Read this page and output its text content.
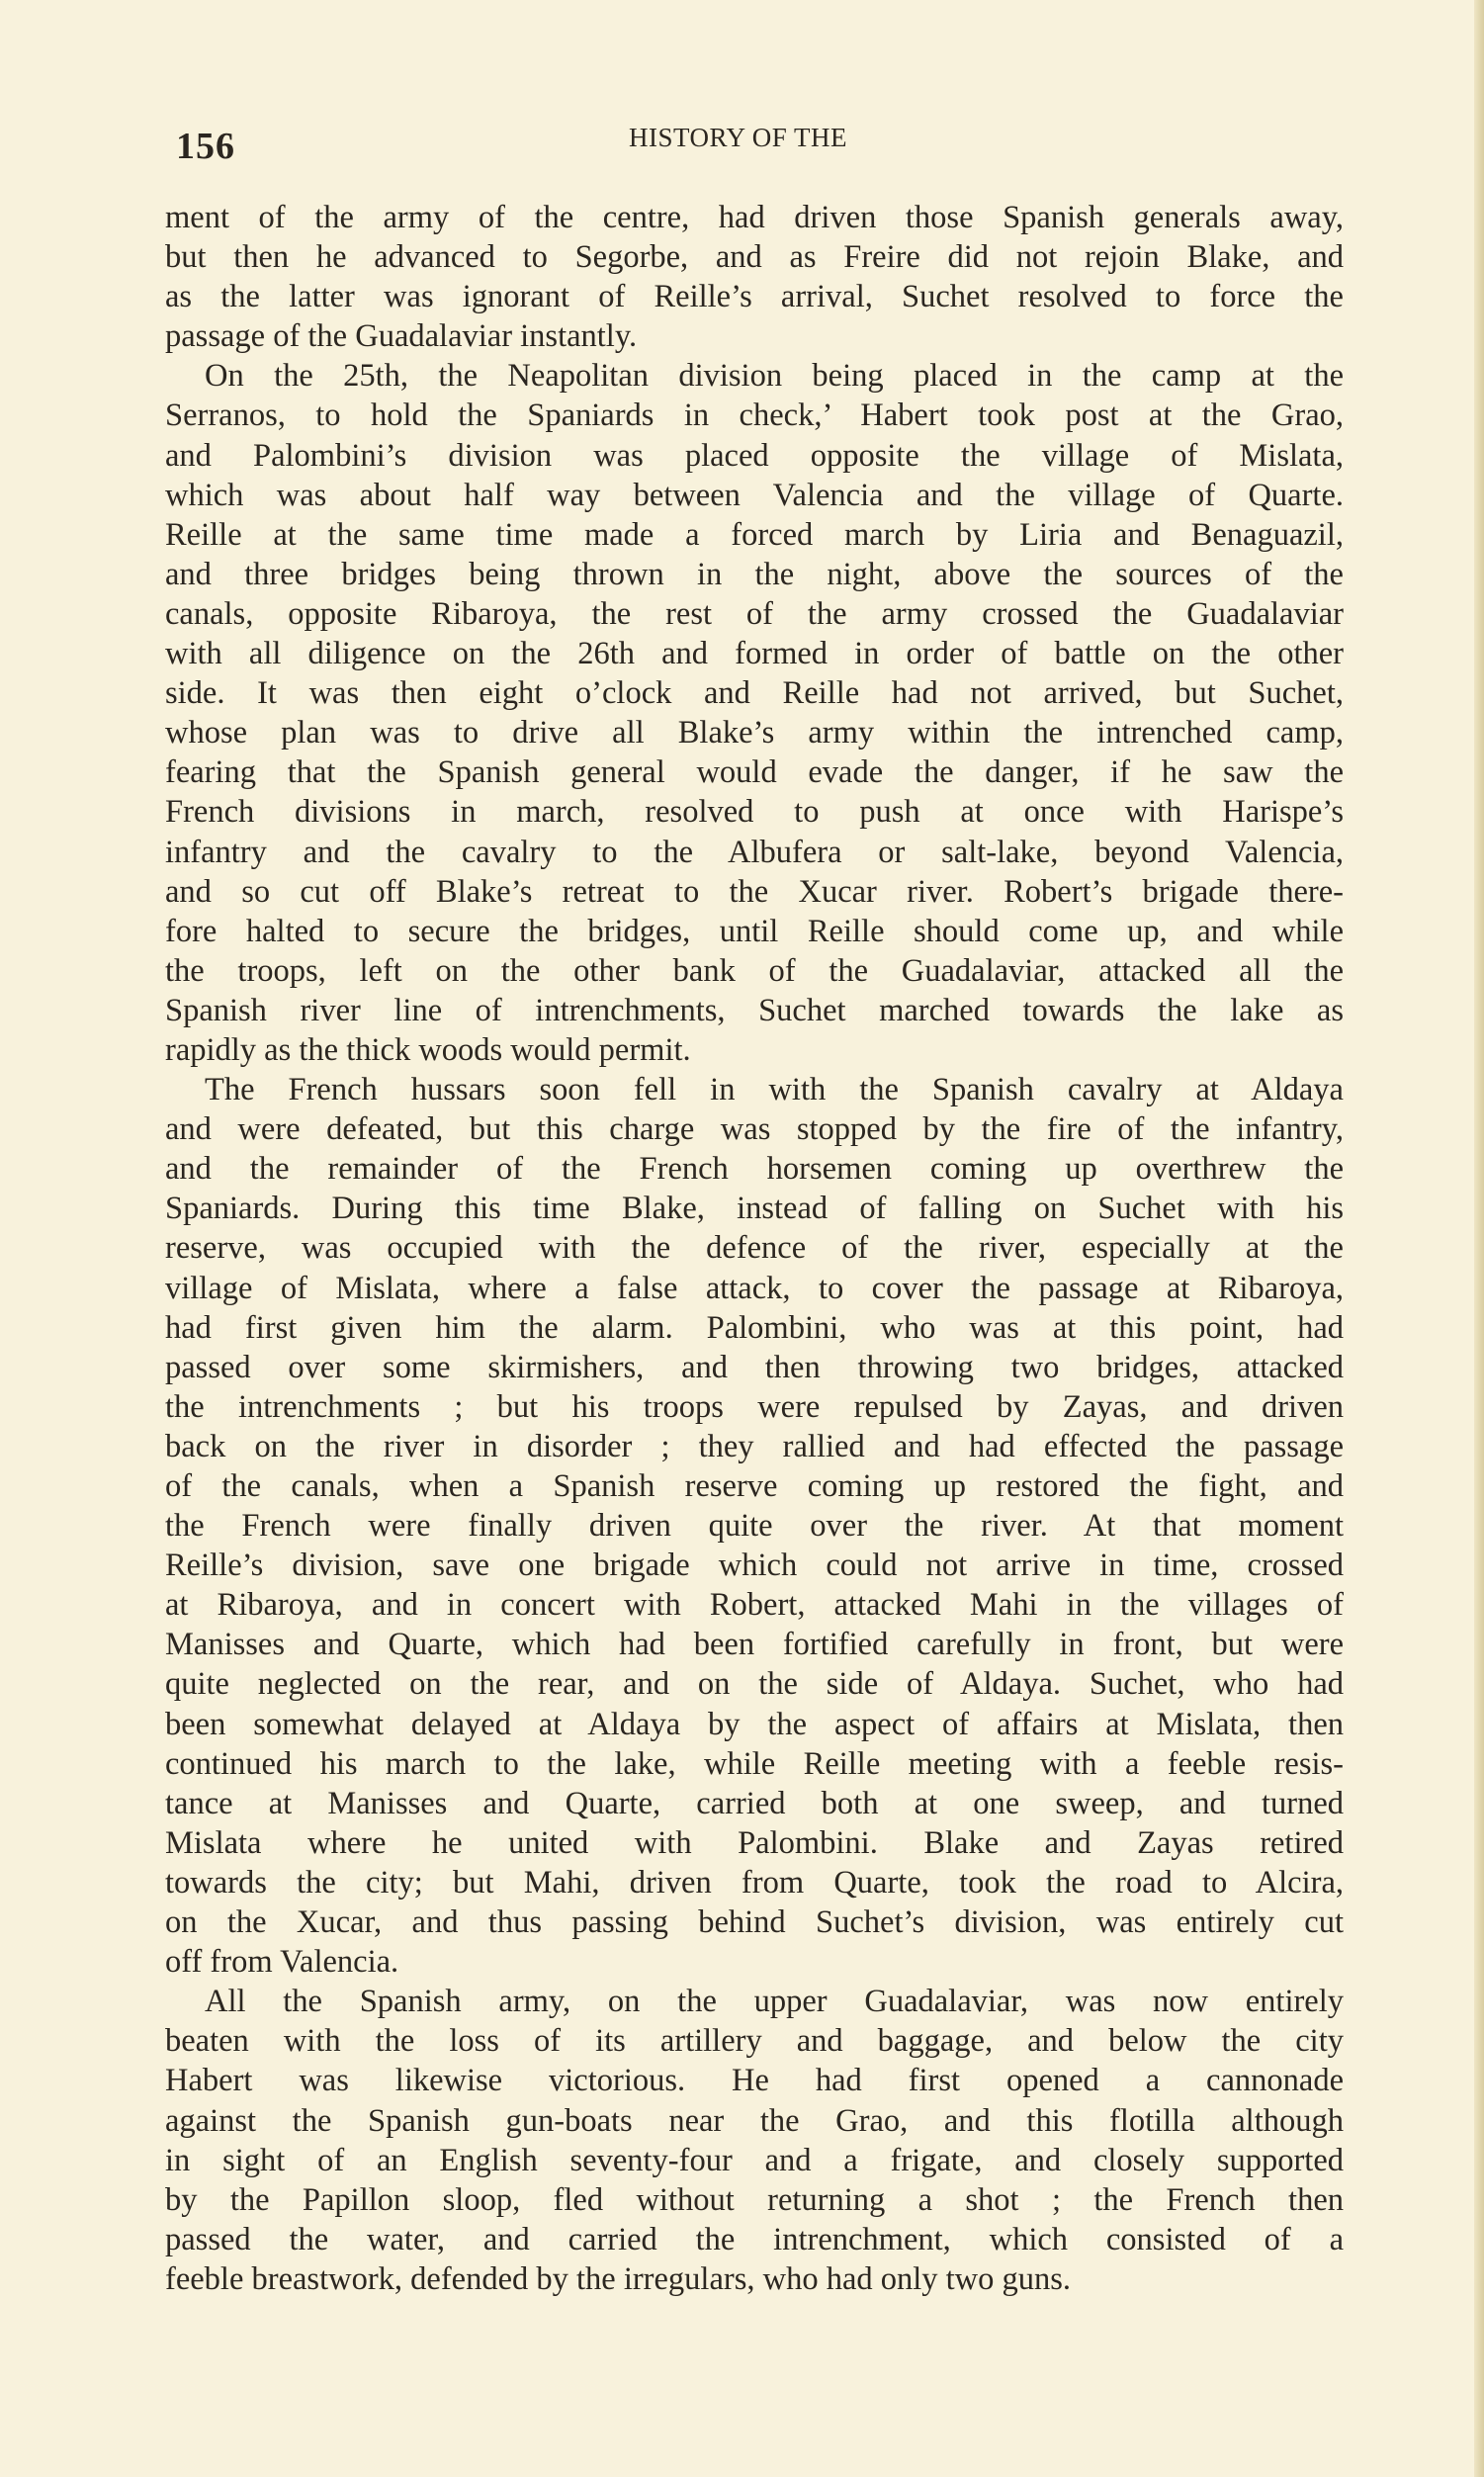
156	HISTORY OF THE
ment of the army of the centre, had driven those Spanish generals away,
but then he advanced to Segorbe, and as Freire did not rejoin Blake, and
as the latter was ignorant of Reille’s arrival, Suchet resolved to force the
passage of the Guadalaviar instantly.
On the 25th, the Neapolitan division being placed in the camp at the
Serranos, to hold the Spaniards in check,’ Habert took post at the Grao,
and Palombini’s division was placed opposite the village of Mislata,
which was about half way between Valencia and the village of Quarte.
Reille at the same time made a forced march by Liria and Benaguazil,
and three bridges being thrown in the night, above the sources of the
canals, opposite Ribaroya, the rest of the army crossed the Guadalaviar
with all diligence on the 26th and formed in order of battle on the other
side. It was then eight o’clock and Reille had not arrived, but Suchet,
whose plan was to drive all Blake’s army within the intrenched camp,
fearing that the Spanish general would evade the danger, if he saw the
French divisions in march, resolved to push at once with Harispe’s
infantry and the cavalry to the Albufera or salt-lake, beyond Valencia,
and so cut off Blake’s retreat to the Xucar river. Robert’s brigade there-
fore halted to secure the bridges, until Reille should come up, and while
the troops, left on the other bank of the Guadalaviar, attacked all the
Spanish river line of intrenchments, Suchet marched towards the lake as
rapidly as the thick woods would permit.
The French hussars soon fell in with the Spanish cavalry at Aldaya
and were defeated, but this charge was stopped by the fire of the infantry,
and the remainder of the French horsemen coming up overthrew the
Spaniards. During this time Blake, instead of falling on Suchet with his
reserve, was occupied with the defence of the river, especially at the
village of Mislata, where a false attack, to cover the passage at Ribaroya,
had first given him the alarm. Palombini, who was at this point, had
passed over some skirmishers, and then throwing two bridges, attacked
the intrenchments ; but his troops were repulsed by Zayas, and driven
back on the river in disorder ; they rallied and had effected the passage
of the canals, when a Spanish reserve coming up restored the fight, and
the French were finally driven quite over the river. At that moment
Reille’s division, save one brigade which could not arrive in time, crossed
at Ribaroya, and in concert with Robert, attacked Mahi in the villages of
Manisses and Quarte, which had been fortified carefully in front, but were
quite neglected on the rear, and on the side of Aldaya. Suchet, who had
been somewhat delayed at Aldaya by the aspect of affairs at Mislata, then
continued his march to the lake, while Reille meeting with a feeble resis-
tance at Manisses and Quarte, carried both at one sweep, and turned
Mislata where he united with Palombini. Blake and Zayas retired
towards the city; but Mahi, driven from Quarte, took the road to Alcira,
on the Xucar, and thus passing behind Suchet’s division, was entirely cut
off from Valencia.
All the Spanish army, on the upper Guadalaviar, was now entirely
beaten with the loss of its artillery and baggage, and below the city
Habert was likewise victorious. He had first opened a cannonade
against the Spanish gun-boats near the Grao, and this flotilla although
in sight of an English seventy-four and a frigate, and closely supported
by the Papillon sloop, fled without returning a shot ; the French then
passed the water, and carried the intrenchment, which consisted of a
feeble breastwork, defended by the irregulars, who had only two guns.
